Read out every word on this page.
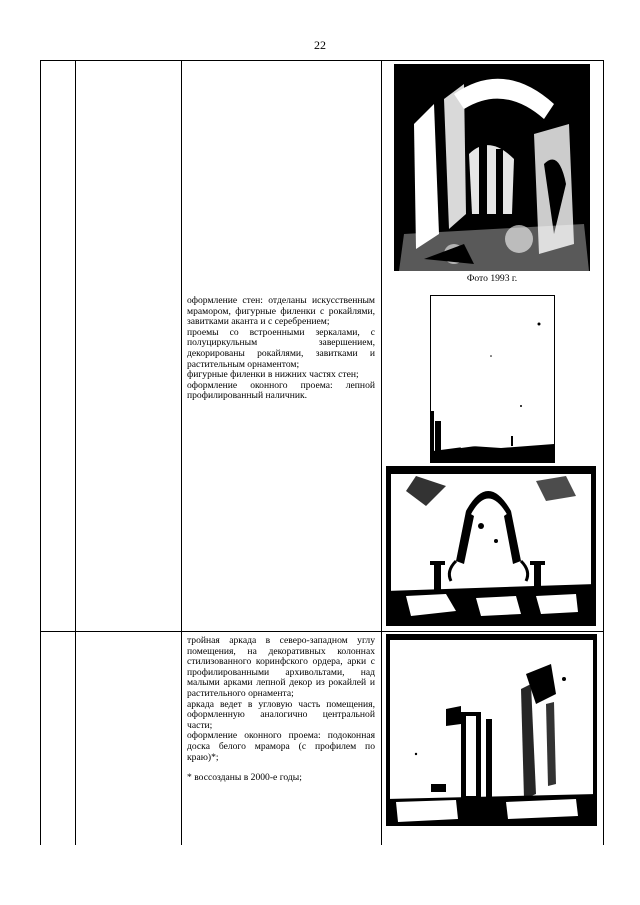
22

оформление стен: отделаны искусственным мрамором, фигурные филенки с рокайлями, завитками аканта и с серебрением;

проемы со встроенными зеркалами, с полуциркульным завершением, декорированы рокайлями, завитками и растительным орнаментом;

фигурные филенки в нижних частях стен;

оформление оконного проема: лепной профилированный наличник.

Фото 1993 г.

тройная аркада в северо-западном углу помещения, на декоративных колоннах стилизованного коринфского ордера, арки с профилированными архивольтами, над малыми арками лепной декор из рокайлей и растительного орнамента;

аркада ведет в угловую часть помещения, оформленную аналогично центральной части;

оформление оконного проема: подоконная доска белого мрамора (с профилем по краю)*;

* воссозданы в 2000-е годы;
